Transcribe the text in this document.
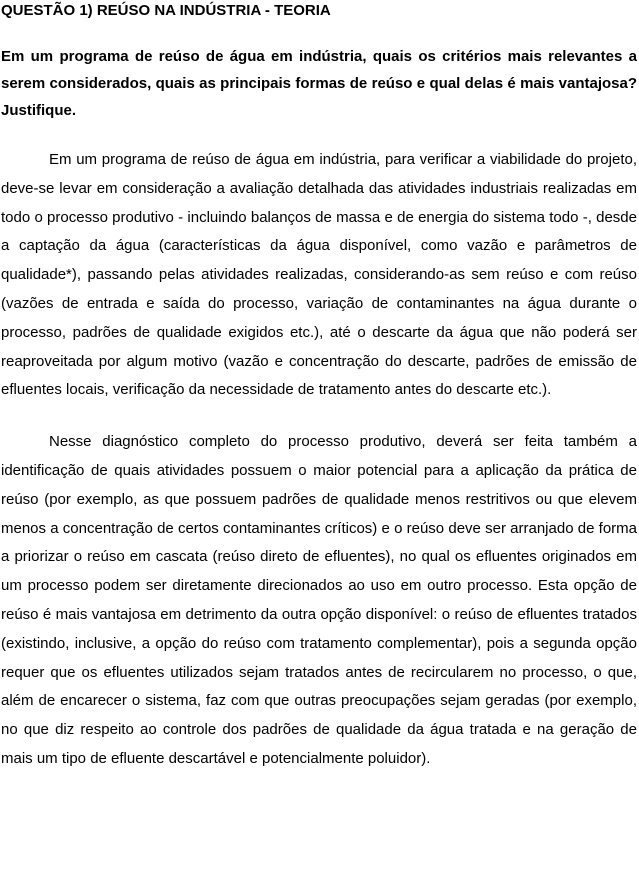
QUESTÃO 1) REÚSO NA INDÚSTRIA - TEORIA

Em um programa de reúso de água em indústria, quais os critérios mais relevantes a serem considerados, quais as principais formas de reúso e qual delas é mais vantajosa? Justifique.

Em um programa de reúso de água em indústria, para verificar a viabilidade do projeto, deve-se levar em consideração a avaliação detalhada das atividades industriais realizadas em todo o processo produtivo - incluindo balanços de massa e de energia do sistema todo -, desde a captação da água (características da água disponível, como vazão e parâmetros de qualidade*), passando pelas atividades realizadas, considerando-as sem reúso e com reúso (vazões de entrada e saída do processo, variação de contaminantes na água durante o processo, padrões de qualidade exigidos etc.), até o descarte da água que não poderá ser reaproveitada por algum motivo (vazão e concentração do descarte, padrões de emissão de efluentes locais, verificação da necessidade de tratamento antes do descarte etc.).

Nesse diagnóstico completo do processo produtivo, deverá ser feita também a identificação de quais atividades possuem o maior potencial para a aplicação da prática de reúso (por exemplo, as que possuem padrões de qualidade menos restritivos ou que elevem menos a concentração de certos contaminantes críticos) e o reúso deve ser arranjado de forma a priorizar o reúso em cascata (reúso direto de efluentes), no qual os efluentes originados em um processo podem ser diretamente direcionados ao uso em outro processo. Esta opção de reúso é mais vantajosa em detrimento da outra opção disponível: o reúso de efluentes tratados (existindo, inclusive, a opção do reúso com tratamento complementar), pois a segunda opção requer que os efluentes utilizados sejam tratados antes de recircularem no processo, o que, além de encarecer o sistema, faz com que outras preocupações sejam geradas (por exemplo, no que diz respeito ao controle dos padrões de qualidade da água tratada e na geração de mais um tipo de efluente descartável e potencialmente poluidor).
